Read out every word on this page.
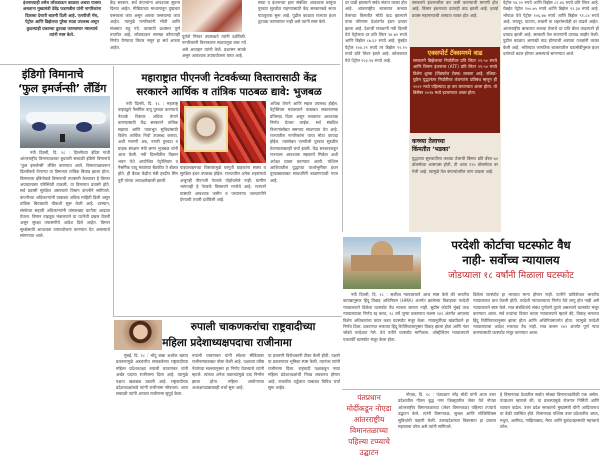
इंधनाच्याही तसेच लॉकडाऊन काळात अथवा पावसा असताना मुख्यमंत्री देवेंद्र फडणवीस यांनी नागरिकांना दिलासा देणारी बातमी दिली आहे. एलपीजी गॅस, पेट्रोल आणि डिझेलचा पुरेसा साठा उपलब्ध असून कुठल्याही प्रकारचा तुटवडा जाणवणार नसल्याचे त्यांनी स्पष्ट केले.
केंद्र सरकार. सर्व कंपन्यांना आवश्यक सूचना दिल्या आहेत. मीडियाच्या माध्यमातून दुष्प्रचार पसरवला जात असून अफवा पसरवल्या जात आहेत. त्यामुळे नागरिकांनी भीती आणि संभ्रमात राहू नये. त्यासाठी प्रशासन पूर्ण तयारीत आहे, लॉकडाऊन सारखा कोणताही निर्णय घेण्याचा विचार नसून हा सर्व अफवा आहेत.
पूर्वतो निरंतर उपलब्धते त्यांनी दर्शविली. नागरिकांनी विनाकारण साठवणूक करू नये असे आवाहन त्यांनी केले. प्रशासन सतर्क असून आवश्यक उपाययोजना करत आहे.
साठा व इंधनाच्या इतर संबंधित आवश्यक वस्तूंचा पुरवठा सुरळीत राहण्यासाठी केंद्र सरकारकडे सतत पाठपुरावा सुरू आहे. पुढील काळात राज्यात इंधन तुटवडा जाणवणार नाही असे त्यांनी स्पष्ट केले.
दर वाढी झाल्याने सर्वत्र संताप व्यक्त होत आहे. आंतरराष्ट्रीय बाजारात कच्च्या तेलाच्या किमतीत मोठी वाढ झाल्याने याचा परिणाम देशांतर्गत इंधन दरावर झाला आहे. देशाची राजधानी नवी दिल्ली येथे पेट्रोलचा दर प्रति लिटर ९४.७२ रुपये आणि डिझेल ८७.६२ रुपये आहे. मुंबईत पेट्रोल १०४.२१ रुपये तर डिझेल ९२.१५ रुपये प्रति लिटर झाले आहे. कोलकाता येथे पेट्रोल १०३.९४ रुपये आहे.
सरकारने इंधनावरील कर कमी करण्याची मागणी होत आहे. विमान इंधनाच्या दरातही वाढ झाली आहे. हवाई प्रवास महागण्याची शक्यता व्यक्त होत आहे.
एक्सपोर्ट टॅक्समध्ये वाढ
सरकारने डिझेलच्या निर्यातीवर प्रति लिटर २१.५० रुपये आणि विमान इंधनावर (ATF) प्रति लिटर २९.५० रुपये विशेष शुल्क (विंडफॉल टॅक्स) लावला आहे. रशिया-युक्रेन युद्धानंतर निर्यातीवर कंपन्यांना प्रतिबंध म्हणून ही २०२२ मध्ये पहिल्यांदा हा कर लावण्यात आला होता. तो डिसेंबर २०२४ मध्ये हटवण्यात आला होता.
कच्च्या तेलाच्या
किंमतीत ‘भडका’
युद्धाच्या सुरुवातीला कच्च्या तेलाची किंमत प्रति बॅरल ७० डॉलर्सच्या आसपास होती, ती आता १२० डॉलर्सच्या वर गेली आहे. त्यामुळे तेल कंपन्यांवरील ताण वाढला आहे.
पेट्रोल ९४.२० रुपये आणि डिझेल ८२.४६ रुपये प्रति लिटर आहे. चेन्नईत पेट्रोल १००.७५ रुपये आणि डिझेल ९२.३४ रुपये आहे. भोपाळ येथे पेट्रोल १०६.४७ रुपये आणि डिझेल ९१.८४ रुपये आहे. जयपूर, पाटणा, लखनौ या शहरांमध्येही दर वाढले आहेत. आंतरराष्ट्रीय बाजारात कच्च्या तेलाचे दर प्रति बॅरल वाढल्याने ही दरवाढ झाली आहे. सरकारी तेल कंपन्यांनी दरवाढ जाहीर केली. पुढील काळात आणखी वाढ होण्याची शक्यता तज्ज्ञांनी व्यक्त केली आहे. भविष्यात जागतिक बाजारातील घडामोडींनुसार इंधन दरांमध्ये बदल होणार असल्याचे सांगण्यात आले.
इंडिगो विमानाचे
‘फुल इमर्जन्सी’ लँडिंग
नवी दिल्ली, दि. १८ : दिल्लीच्या इंदिरा गांधी आंतरराष्ट्रीय विमानतळावर बुधवारी सकाळी इंडिगो विमानाचे ‘फुल इमर्जन्सी’ लँडिंग करण्यात आले. विमानतळावरून दिल्लीकडे येणाऱ्या या विमानात तांत्रिक बिघाड झाला होता. विमानाला इंडिगोकडे विमानाची तपासणी केल्यावर हे विमान अपघातग्रस्त परिस्थिती टाळली. या विमानात प्रवासी होते. सर्व प्रवासी सुरक्षित असल्याचे विमान कंपनीने सांगितले. कंपनीच्या अधिकाऱ्यांनी याबाबत अधिक माहिती दिली असून तांत्रिक बिघाडाची चौकशी सुरू केली आहे. दरम्यान, संस्थेच्या सहायी अधिकाऱ्यांनी यांसारख्या घटनेचा आढावा घेतला. विमान वाहतूक मंत्रालयाने या घटनेची दखल घेतली असून सुरक्षा तपासणीचे आदेश दिले आहेत. विमान सुरक्षेसाठी आवश्यक उपाययोजना करण्यात येत असल्याचे सांगण्यात आले.
महाराष्ट्रात पीएनजी नेटवर्कच्या विस्तारासाठी केंद्र
सरकारने आर्थिक व तांत्रिक पाठबळ द्यावे: भुजबळ
नवी दिल्ली, दि. १८ : महाराष्ट्र पाइपद्वारे नैसर्गिक वायू पुरवठा करण्याचे नेटवर्क विस्तार अधिक वेगाने करण्यासाठी केंद्र सरकारने तांत्रिक सहाय्य आणि पायाभूत सुविधांसाठी विशेष आर्थिक निधी उपलब्ध करावा, अशी मागणी अन्न, नागरी पुरवठा व ग्राहक संरक्षण मंत्री छगन भुजबळ यांनी आज केली. नवी दिल्लीतील विज्ञान भवन येथे आयोजित पेट्रोलियम व नैसर्गिक वायू मंत्र्यांच्या बैठकीत ते बोलत होते. ही बैठक केंद्रीय मंत्री हरदीप सिंग पुरी यांच्या अध्यक्षतेखाली झाली.
पाइपलाइनच्या विस्तारामुळे घरगुती ग्राहकांना स्वस्त व सुरक्षित इंधन उपलब्ध होईल. राज्यातील अनेक शहरांमध्ये अजूनही पीएनजी नेटवर्क पोहोचलेले नाही. ग्रामीण भागातही हे नेटवर्क विस्तारणे गरजेचे आहे. राज्याने यासाठी आवश्यक जमीन व परवानग्या जलदगतीने देण्याची तयारी दर्शविली आहे.
अधिक वेगाने आणि सहज उपलब्ध होईल. पेट्रोलियम मंत्रालयाने याबाबत सकारात्मक प्रतिसाद दिला असून लवकरच आवश्यक निर्णय घेतला जाईल. सर्व संबंधित विभागांसोबत समन्वय साधण्यात येत आहे. राज्यातील नागरिकांना याचा मोठा फायदा होईल. त्यासोबत एलपीजी पुरवठा सुरळीत ठेवण्याबाबतही चर्चा झाली. केंद्र सरकारकडून राज्याला आवश्यक सहकार्य मिळेल अशी अपेक्षा व्यक्त करण्यात आली. पश्चिम आशियातील युद्धाच्या पार्श्वभूमीवर इंधन पुरवठ्याबाबत सावधगिरी बाळगण्याची गरज आहे.
परदेशी कोर्टाचा घटस्फोट वैध
नाही- सर्वोच्च न्यायालय
जोडप्याला १८ वर्षांनी मिळाला घटस्फोट
नवी दिल्ली, दि. १८ : सर्वोच्च न्यायालयाने आज स्पष्ट केले की भारतीय कायद्यानुसार हिंदू विवाह अधिनियम (HMA) अंतर्गत झालेल्या विवाहाचा परदेशी न्यायालयाने दिलेला घटस्फोट वैध मानला जाणार नाही. सुप्रीम कोर्टाने मुंबई उच्च न्यायालयाचा निर्णय रद्द करत, १८ वर्षे जुन्या प्रकरणात कलम १४२ अंतर्गत आपल्या विशेष अधिकारांचा वापर करत घटस्फोट मंजूर केला. न्यायमूर्तींच्या खंडपीठाने हा निर्णय दिला. प्रकरणात भारतात हिंदू रितीरिवाजानुसार विवाह झाला होता आणि नंतर जोडपे परदेशात गेले. तेथे पतीने घटस्फोट मागितला. ऑस्ट्रेलियन न्यायालयाने एकतर्फी घटस्फोट मंजूर केला होता.
दिलेला घटस्फोट हा भारतात मान्य होणार नाही. पत्नीने याविरोधात भारतीय न्यायालयात धाव घेतली होती. परदेशी न्यायालयाचा निर्णय येथे लागू होत नाही असे न्यायालयाने स्पष्ट केले. मात्र संबंधितांचे संबंध पूर्णपणे तुटले असल्याने घटस्फोट मंजूर करण्यात आला. सर्व तथ्यांचा विचार करता न्यायालयाने म्हटले की, विवाह भारतात हिंदू रितीरिवाजानुसार झाला होता आणि अधिनियमांतर्गत होता. त्यामुळे परदेशी न्यायालयाचा आदेश भारतात वैध नाही. मात्र कलम १४२ अंतर्गत पूर्ण न्याय करण्यासाठी घटस्फोट मंजूर करण्यात आला.
रुपाली चाकणकरांचा राष्ट्रवादीच्या
महिला प्रदेशाध्यक्षपदाचा राजीनामा
मुंबई, दि. १८ : भोंदू बाबा अशोक खरात प्रकरणामुळे अडचणीत सापडलेल्या राष्ट्रवादीच्या महिला प्रदेशाध्यक्षा रुपाली चाकणकर यांनी अखेर पदाचा राजीनामा दिला आहे. त्यामुळे पक्षात खळबळ उडाली आहे. राष्ट्रवादीच्या प्रदेशाध्यक्षांकडे त्यांनी राजीनामा सोपवला. आज सकाळी त्यांनी आपला राजीनामा सुपूर्द केला.
रुपाली चाकणकर यांनी सोशल मीडियावर राजीनाम्याबाबत पोस्ट केली आहे. पक्षाच्या वरिष्ठ नेत्यांच्या सल्ल्यानुसार हा निर्णय घेतल्याचे त्यांनी म्हटले. त्यांच्या अनेक वक्तव्यांमुळे वाद निर्माण झाला होता. महिला आयोगाच्या अध्यक्षपदाबाबतही चर्चा सुरू आहे.
या प्रकरणी विरोधकांनी टीका केली होती. पक्षाने या प्रकरणावर भूमिका स्पष्ट केली. त्यानंतर त्यांनी राजीनामा दिला. राष्ट्रवादी पक्षाकडून नव्या महिला प्रदेशाध्यक्षांची निवड लवकरच होणार आहे. राजकीय वर्तुळात याबाबत विविध चर्चा सुरू आहेत.
पंतप्रधान मोदींकडून नोएडा आंतरराष्ट्रीय विमानतळाच्या पहिल्या टप्प्याचे उद्घाटन
नोएडा, दि. १८ : पंतप्रधान नरेंद्र मोदी यांनी आज उत्तर प्रदेशातील गौतम बुद्ध नगर जिल्ह्यातील जेवर येथे नोएडा आंतरराष्ट्रीय विमानतळाच्या (जेवर विमानतळ) पहिल्या टप्प्याचे उद्घाटन केले. त्यांनी विमानतळ, सुरक्षा आणि लॉजिस्टिक्स सुविधांची पाहणी केली. उत्तरप्रदेशाच्या विकासात हा प्रकल्प महत्त्वाचा ठरेल असे त्यांनी सांगितले.
हे विमानतळ देशातील सर्वात मोठ्या विमानतळांपैकी एक असेल. पंतप्रधान म्हणाले की, या प्रकल्पामुळे रोजगार निर्मिती आणि व्यापार वाढेल. उत्तर प्रदेश सरकारचे मुख्यमंत्री योगी आदित्यनाथ या वेळी उपस्थित होते. विमानतळ पश्चिम उत्तर प्रदेशातील आग्रा, मथुरा, अलीगढ, गाझियाबाद, मेरठ आणि बुलंदशहरसाठी महत्त्वाचे ठरेल.
